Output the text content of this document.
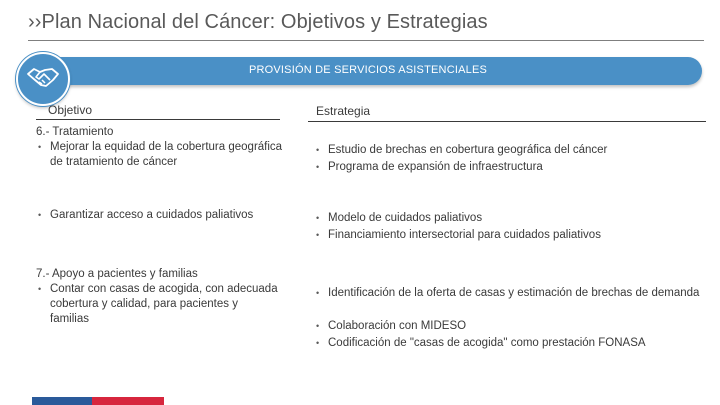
››Plan Nacional del Cáncer: Objetivos y Estrategias
PROVISIÓN DE SERVICIOS ASISTENCIALES
Objetivo	Estrategia
6.- Tratamiento
• Mejorar la equidad de la cobertura geográfica de tratamiento de cáncer
• Estudio de brechas en cobertura geográfica del cáncer
• Programa de expansión de infraestructura
• Garantizar acceso a cuidados paliativos
•	Modelo de cuidados paliativos
• Financiamiento intersectorial para cuidados paliativos
7.- Apoyo a pacientes y familias
• Contar con casas de acogida, con adecuada cobertura y calidad, para pacientes y familias
• Identificación de la oferta de casas y estimación de brechas de demanda
• Colaboración con MIDESO
• Codificación de "casas de acogida" como prestación FONASA
